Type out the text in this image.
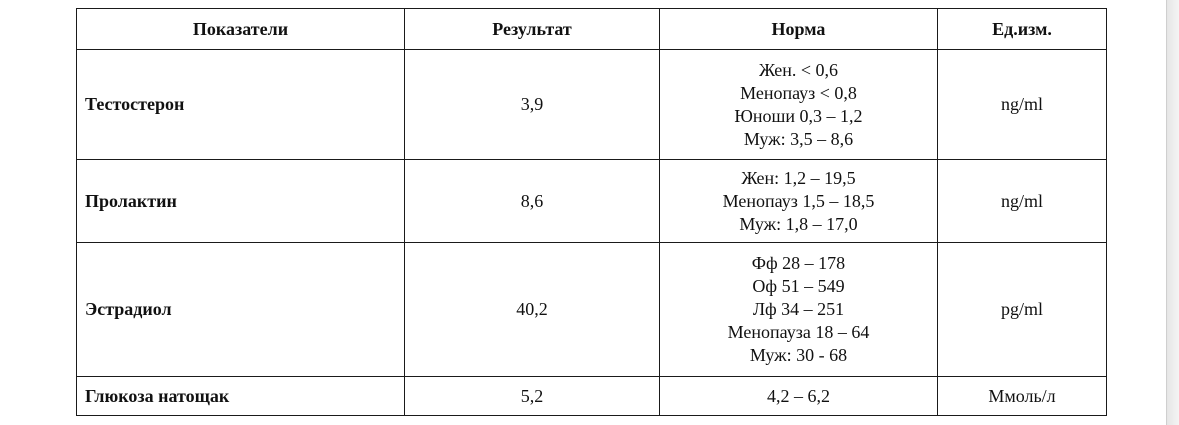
Показатели	Результат	Норма	Ед.изм.
Тестостерон	3,9	Жен. < 0,6
Менопауз < 0,8
Юноши 0,3 – 1,2
Муж: 3,5 – 8,6	ng/ml
Пролактин	8,6	Жен: 1,2 – 19,5
Менопауз 1,5 – 18,5
Муж: 1,8 – 17,0	ng/ml
Эстрадиол	40,2	Фф 28 – 178
Оф 51 – 549
Лф 34 – 251
Менопауза 18 – 64
Муж: 30 - 68	pg/ml
Глюкоза натощак	5,2	4,2 – 6,2	Ммоль/л
